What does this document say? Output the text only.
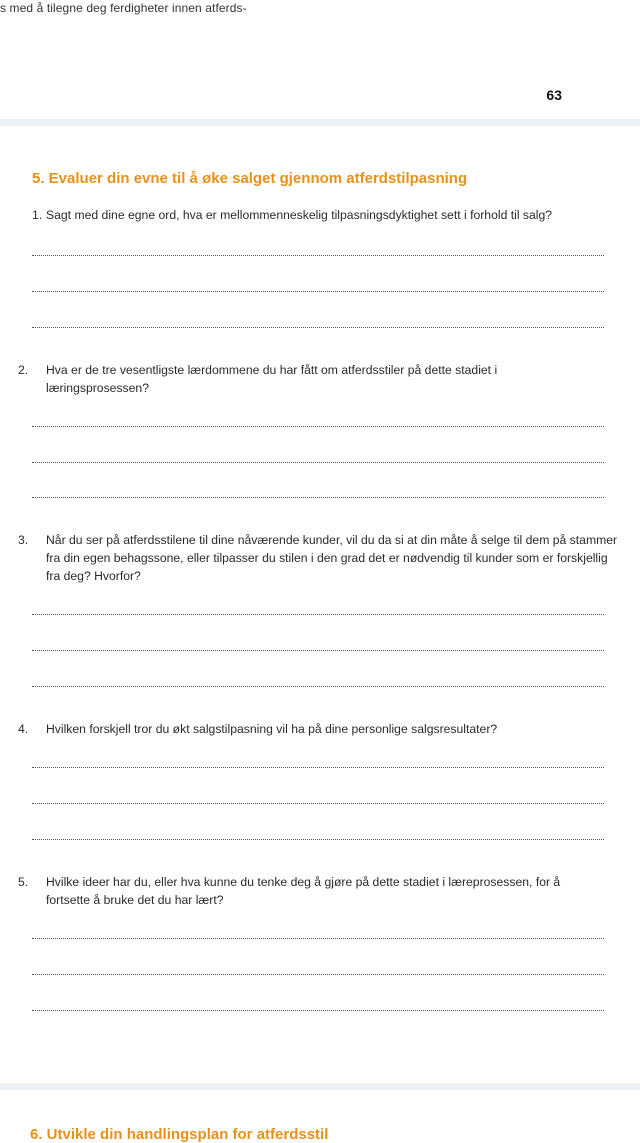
s med å tilegne deg ferdigheter innen atferds-
63
5. Evaluer din evne til å øke salget gjennom atferdstilpasning
1. Sagt med dine egne ord, hva er mellommenneskelig tilpasningsdyktighet sett i forhold til salg?
2. Hva er de tre vesentligste lærdommene du har fått om atferdsstiler på dette stadiet i læringsprosessen?
3. Når du ser på atferdsstilene til dine nåværende kunder, vil du da si at din måte å selge til dem på stammer fra din egen behagssone, eller tilpasser du stilen i den grad det er nødvendig til kunder som er forskjellig fra deg? Hvorfor?
4. Hvilken forskjell tror du økt salgstilpasning vil ha på dine personlige salgsresultater?
5. Hvilke ideer har du, eller hva kunne du tenke deg å gjøre på dette stadiet i læreprosessen, for å fortsette å bruke det du har lært?
6. Utvikle din handlingsplan for atferdsstil
